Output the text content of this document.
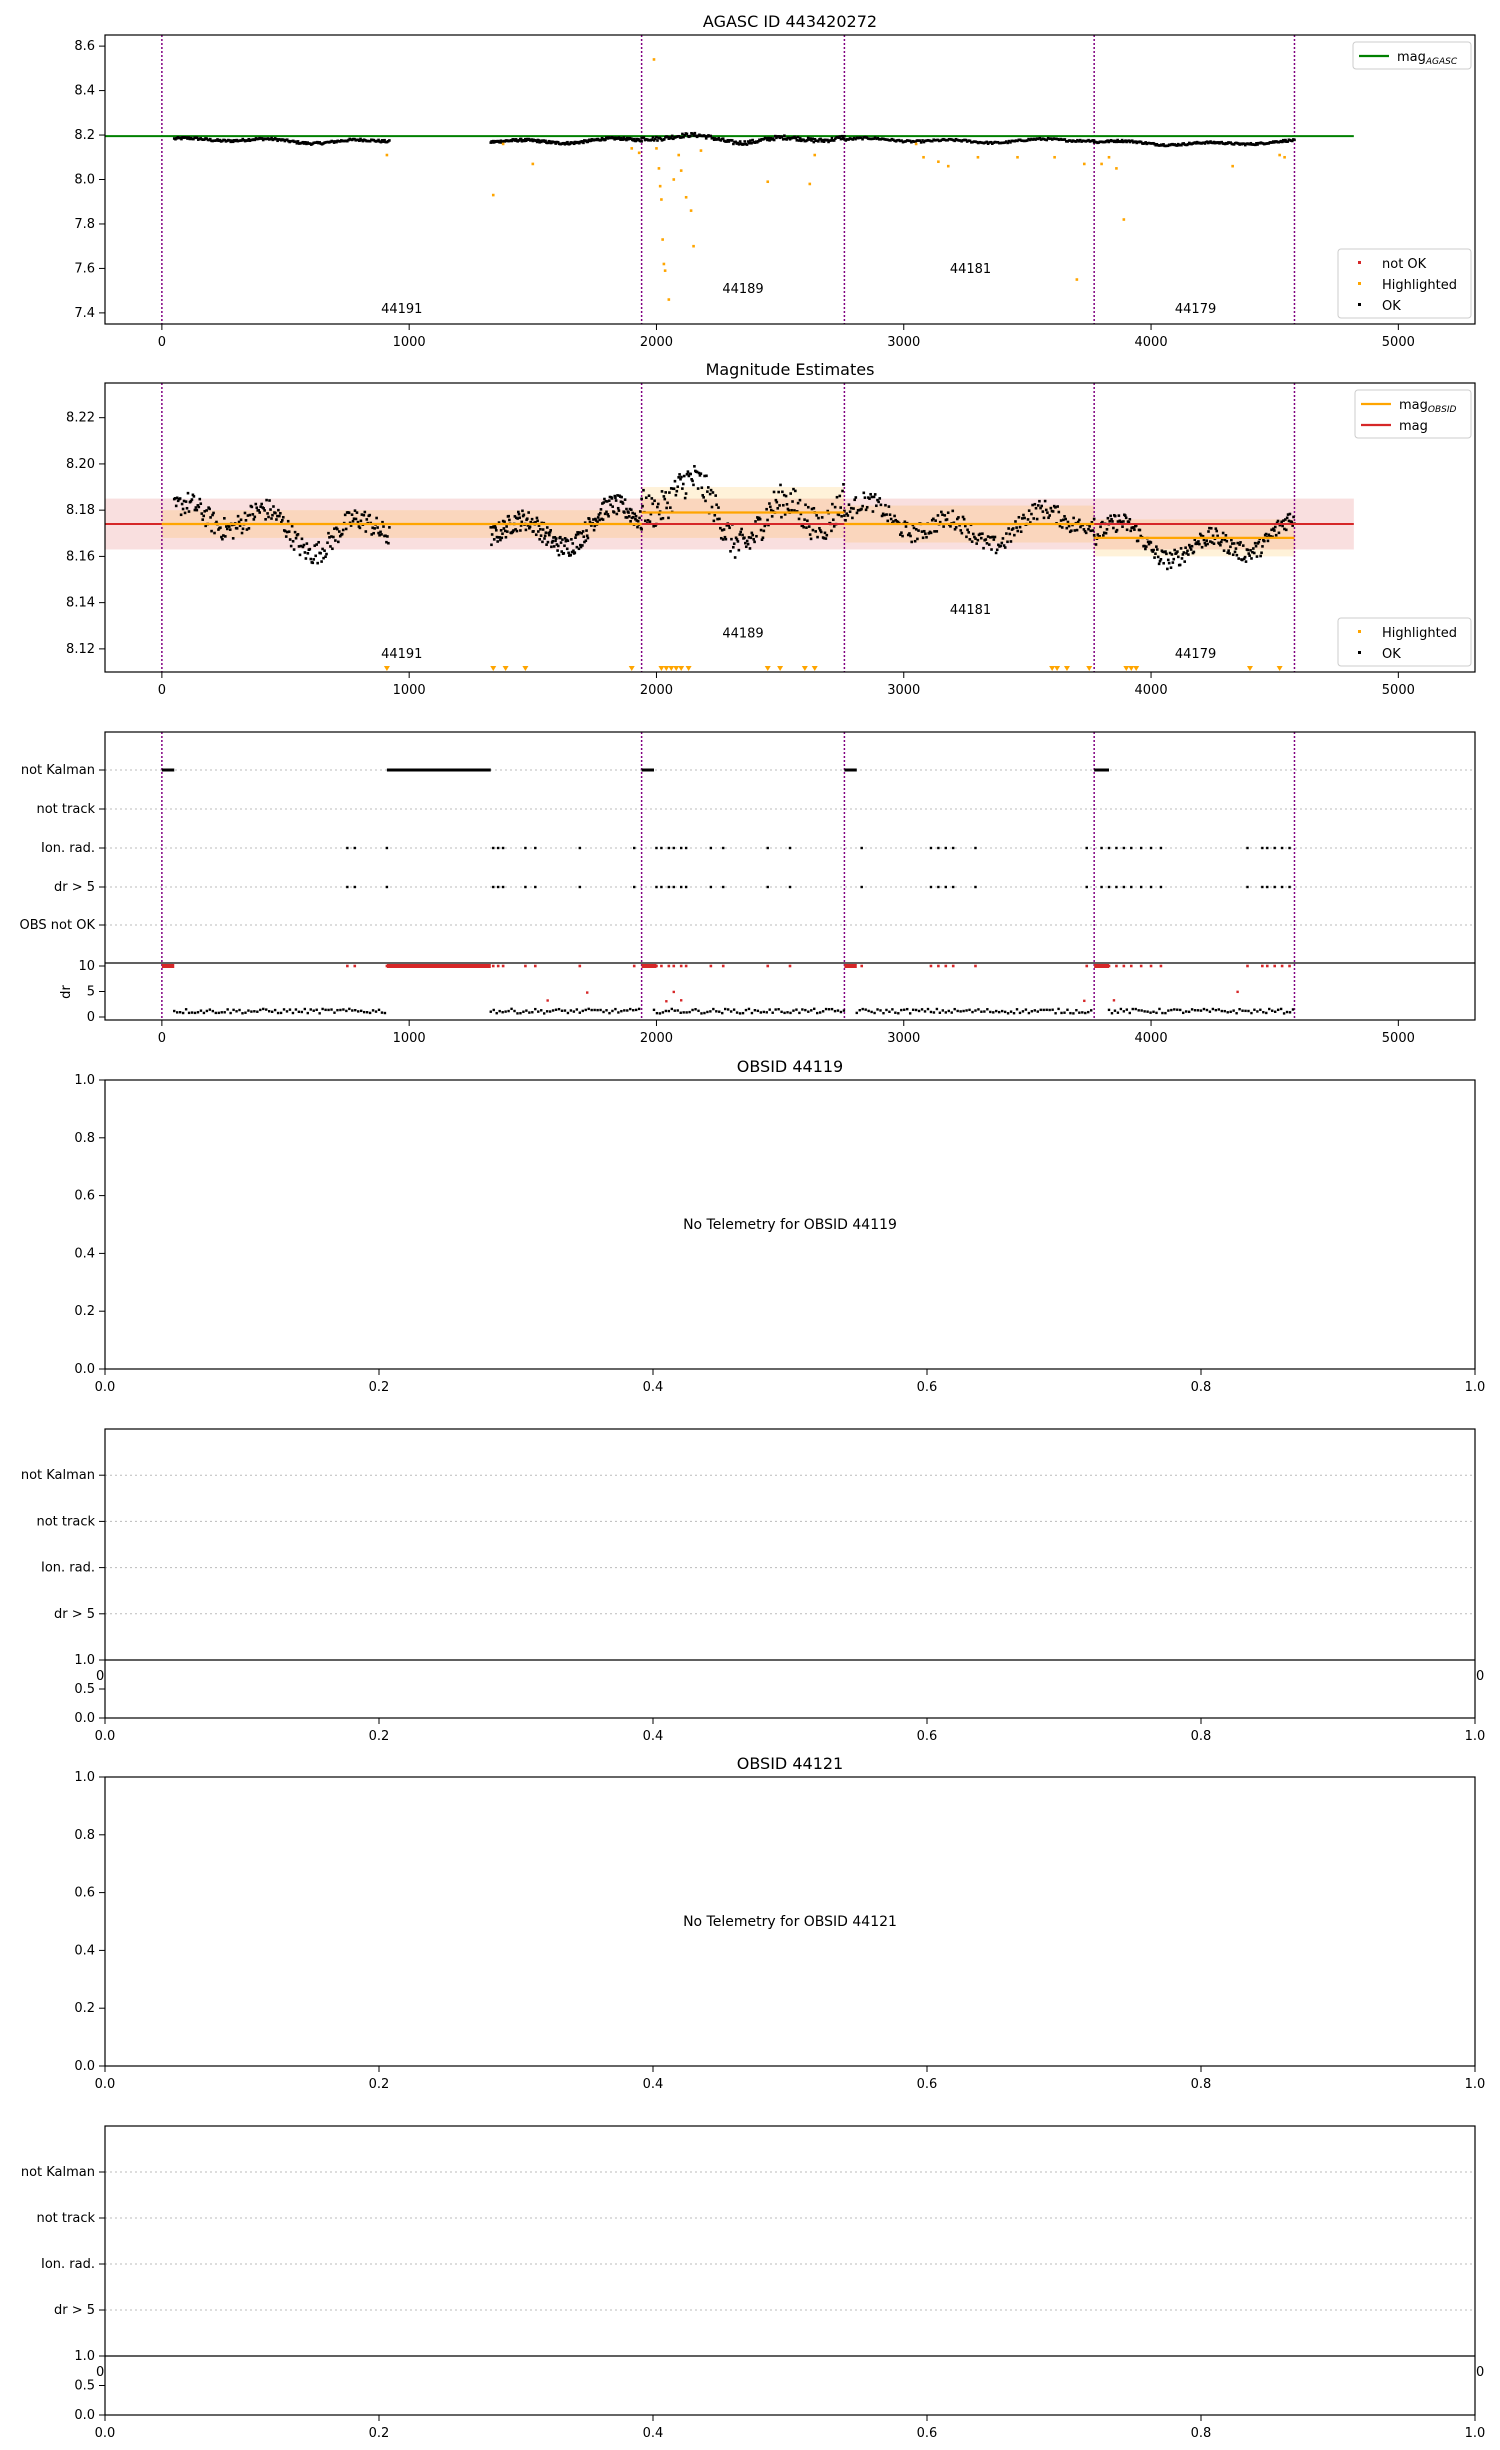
AGASC ID 443420272
7.4
7.6
7.8
8.0
8.2
8.4
8.6
0	1000	2000	3000	4000	5000
44191
44189
44181
44179
mag$_{AGASC}$
not OK
Highlighted
OK
Magnitude Estimates
8.12
8.14
8.16
8.18
8.20
8.22
0	1000	2000	3000	4000	5000
44191
44189
44181
44179
mag$_{OBSID}$
mag
Highlighted
OK
not Kalman
not track
Ion. rad.
dr > 5
OBS not OK
0
5
10
dr
0	1000	2000	3000	4000	5000
OBSID 44119
0.0
0.2
0.4
0.6
0.8
1.0
0.0	0.2	0.4	0.6	0.8	1.0
No Telemetry for OBSID 44119
not Kalman
not track
Ion. rad.
dr > 5
0.0
0.5
1.0
0.0	0.2	0.4	0.6	0.8	1.0
0	0
OBSID 44121
0.0
0.2
0.4
0.6
0.8
1.0
0.0	0.2	0.4	0.6	0.8	1.0
No Telemetry for OBSID 44121
not Kalman
not track
Ion. rad.
dr > 5
0.0
0.5
1.0
0.0	0.2	0.4	0.6	0.8	1.0
0	0
